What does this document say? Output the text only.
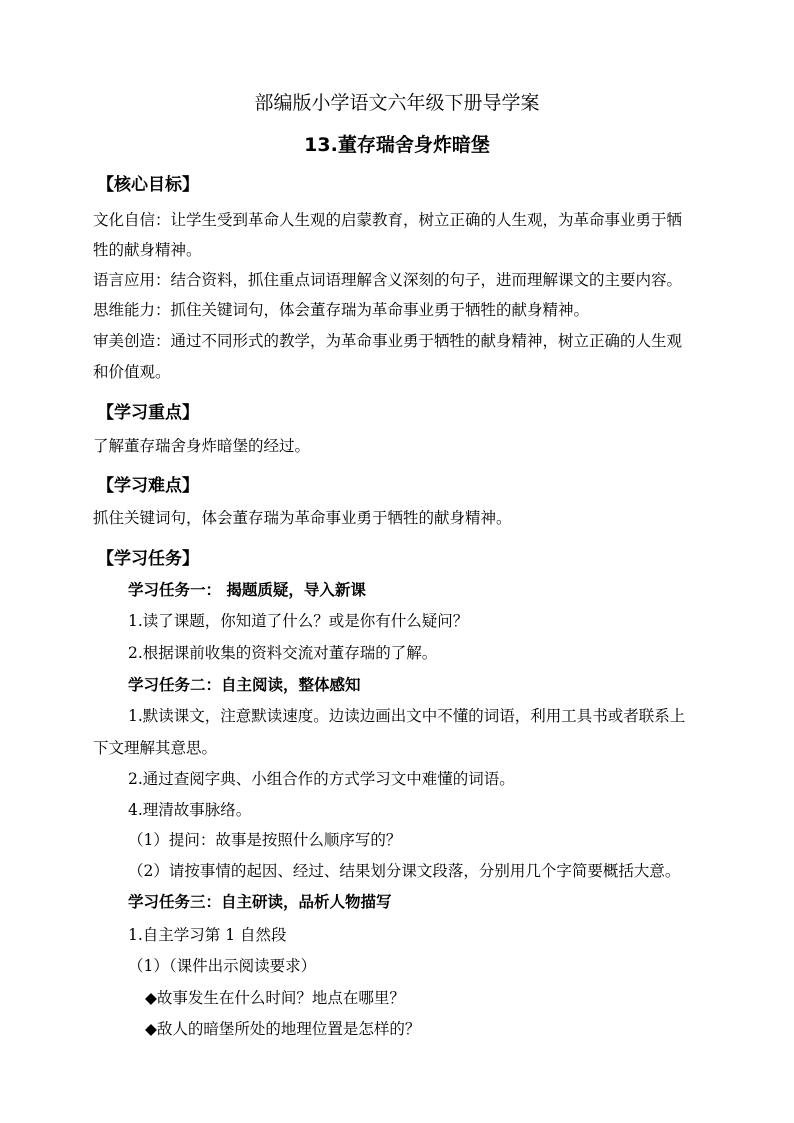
部编版小学语文六年级下册导学案
13.董存瑞舍身炸暗堡
【核心目标】
文化自信：让学生受到革命人生观的启蒙教育，树立正确的人生观，为革命事业勇于牺
牲的献身精神。
语言应用：结合资料，抓住重点词语理解含义深刻的句子，进而理解课文的主要内容。
思维能力：抓住关键词句，体会董存瑞为革命事业勇于牺牲的献身精神。
审美创造：通过不同形式的教学，为革命事业勇于牺牲的献身精神，树立正确的人生观
和价值观。
【学习重点】
了解董存瑞舍身炸暗堡的经过。
【学习难点】
抓住关键词句，体会董存瑞为革命事业勇于牺牲的献身精神。
【学习任务】
学习任务一： 揭题质疑，导入新课
1.读了课题，你知道了什么？或是你有什么疑问？
2.根据课前收集的资料交流对董存瑞的了解。
学习任务二：自主阅读，整体感知
1.默读课文，注意默读速度。边读边画出文中不懂的词语，利用工具书或者联系上
下文理解其意思。
2.通过查阅字典、小组合作的方式学习文中难懂的词语。
4.理清故事脉络。
（1）提问：故事是按照什么顺序写的？
（2）请按事情的起因、经过、结果划分课文段落，分别用几个字简要概括大意。
学习任务三：自主研读，品析人物描写
1.自主学习第 1 自然段
（1）（课件出示阅读要求）
◆故事发生在什么时间？地点在哪里？
◆敌人的暗堡所处的地理位置是怎样的？
